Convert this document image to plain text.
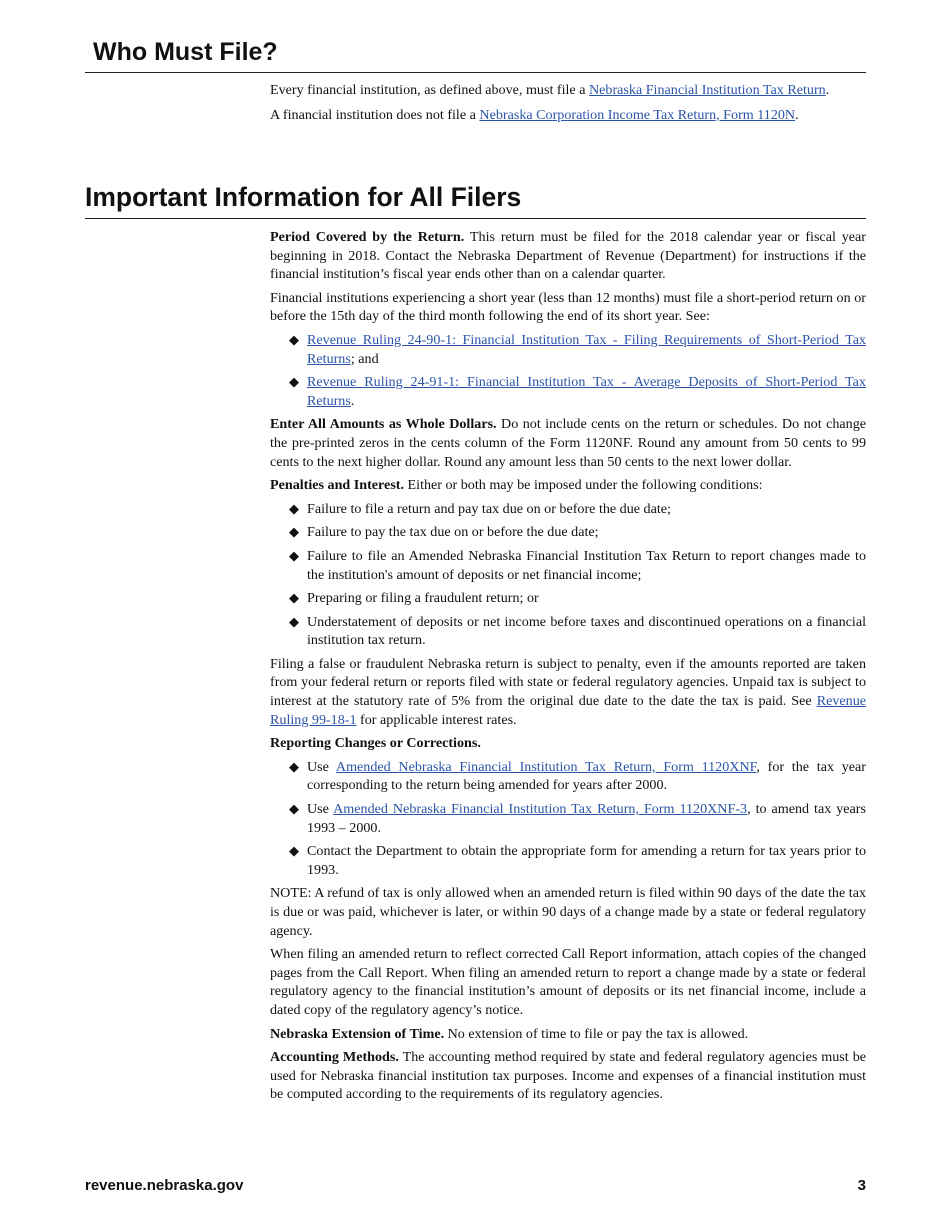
Who Must File?

Every financial institution, as defined above, must file a Nebraska Financial Institution Tax Return.

A financial institution does not file a Nebraska Corporation Income Tax Return, Form 1120N.

Important Information for All Filers

Period Covered by the Return. This return must be filed for the 2018 calendar year or fiscal year beginning in 2018. Contact the Nebraska Department of Revenue (Department) for instructions if the financial institution’s fiscal year ends other than on a calendar quarter.

Financial institutions experiencing a short year (less than 12 months) must file a short-period return on or before the 15th day of the third month following the end of its short year. See:

◆ Revenue Ruling 24-90-1: Financial Institution Tax - Filing Requirements of Short-Period Tax Returns; and
◆ Revenue Ruling 24-91-1: Financial Institution Tax - Average Deposits of Short-Period Tax Returns.

Enter All Amounts as Whole Dollars. Do not include cents on the return or schedules. Do not change the pre-printed zeros in the cents column of the Form 1120NF. Round any amount from 50 cents to 99 cents to the next higher dollar. Round any amount less than 50 cents to the next lower dollar.

Penalties and Interest. Either or both may be imposed under the following conditions:

◆ Failure to file a return and pay tax due on or before the due date;
◆ Failure to pay the tax due on or before the due date;
◆ Failure to file an Amended Nebraska Financial Institution Tax Return to report changes made to the institution's amount of deposits or net financial income;
◆ Preparing or filing a fraudulent return; or
◆ Understatement of deposits or net income before taxes and discontinued operations on a financial institution tax return.

Filing a false or fraudulent Nebraska return is subject to penalty, even if the amounts reported are taken from your federal return or reports filed with state or federal regulatory agencies. Unpaid tax is subject to interest at the statutory rate of 5% from the original due date to the date the tax is paid. See Revenue Ruling 99-18-1 for applicable interest rates.

Reporting Changes or Corrections.

◆ Use Amended Nebraska Financial Institution Tax Return, Form 1120XNF, for the tax year corresponding to the return being amended for years after 2000.
◆ Use Amended Nebraska Financial Institution Tax Return, Form 1120XNF-3, to amend tax years 1993 – 2000.
◆ Contact the Department to obtain the appropriate form for amending a return for tax years prior to 1993.

NOTE: A refund of tax is only allowed when an amended return is filed within 90 days of the date the tax is due or was paid, whichever is later, or within 90 days of a change made by a state or federal regulatory agency.

When filing an amended return to reflect corrected Call Report information, attach copies of the changed pages from the Call Report. When filing an amended return to report a change made by a state or federal regulatory agency to the financial institution’s amount of deposits or its net financial income, include a dated copy of the regulatory agency’s notice.

Nebraska Extension of Time. No extension of time to file or pay the tax is allowed.

Accounting Methods. The accounting method required by state and federal regulatory agencies must be used for Nebraska financial institution tax purposes. Income and expenses of a financial institution must be computed according to the requirements of its regulatory agencies.

revenue.nebraska.gov	3
